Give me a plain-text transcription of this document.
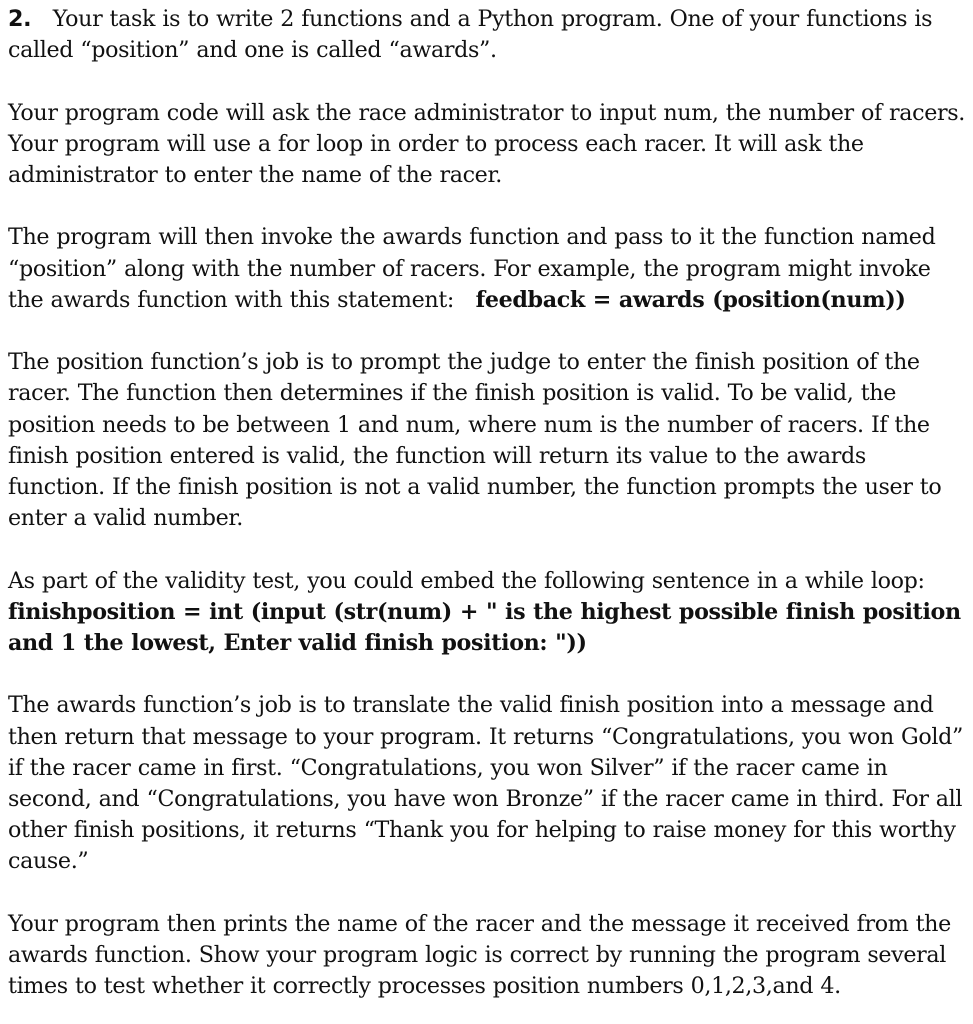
2. Your task is to write 2 functions and a Python program. One of your functions is called “position” and one is called “awards”.

Your program code will ask the race administrator to input num, the number of racers. Your program will use a for loop in order to process each racer. It will ask the administrator to enter the name of the racer.

The program will then invoke the awards function and pass to it the function named “position” along with the number of racers. For example, the program might invoke the awards function with this statement: feedback = awards (position(num))

The position function’s job is to prompt the judge to enter the finish position of the racer. The function then determines if the finish position is valid. To be valid, the position needs to be between 1 and num, where num is the number of racers. If the finish position entered is valid, the function will return its value to the awards function. If the finish position is not a valid number, the function prompts the user to enter a valid number.

As part of the validity test, you could embed the following sentence in a while loop: finishposition = int (input (str(num) + " is the highest possible finish position and 1 the lowest, Enter valid finish position: "))

The awards function’s job is to translate the valid finish position into a message and then return that message to your program. It returns “Congratulations, you won Gold” if the racer came in first. “Congratulations, you won Silver” if the racer came in second, and “Congratulations, you have won Bronze” if the racer came in third. For all other finish positions, it returns “Thank you for helping to raise money for this worthy cause.”

Your program then prints the name of the racer and the message it received from the awards function. Show your program logic is correct by running the program several times to test whether it correctly processes position numbers 0,1,2,3,and 4.
